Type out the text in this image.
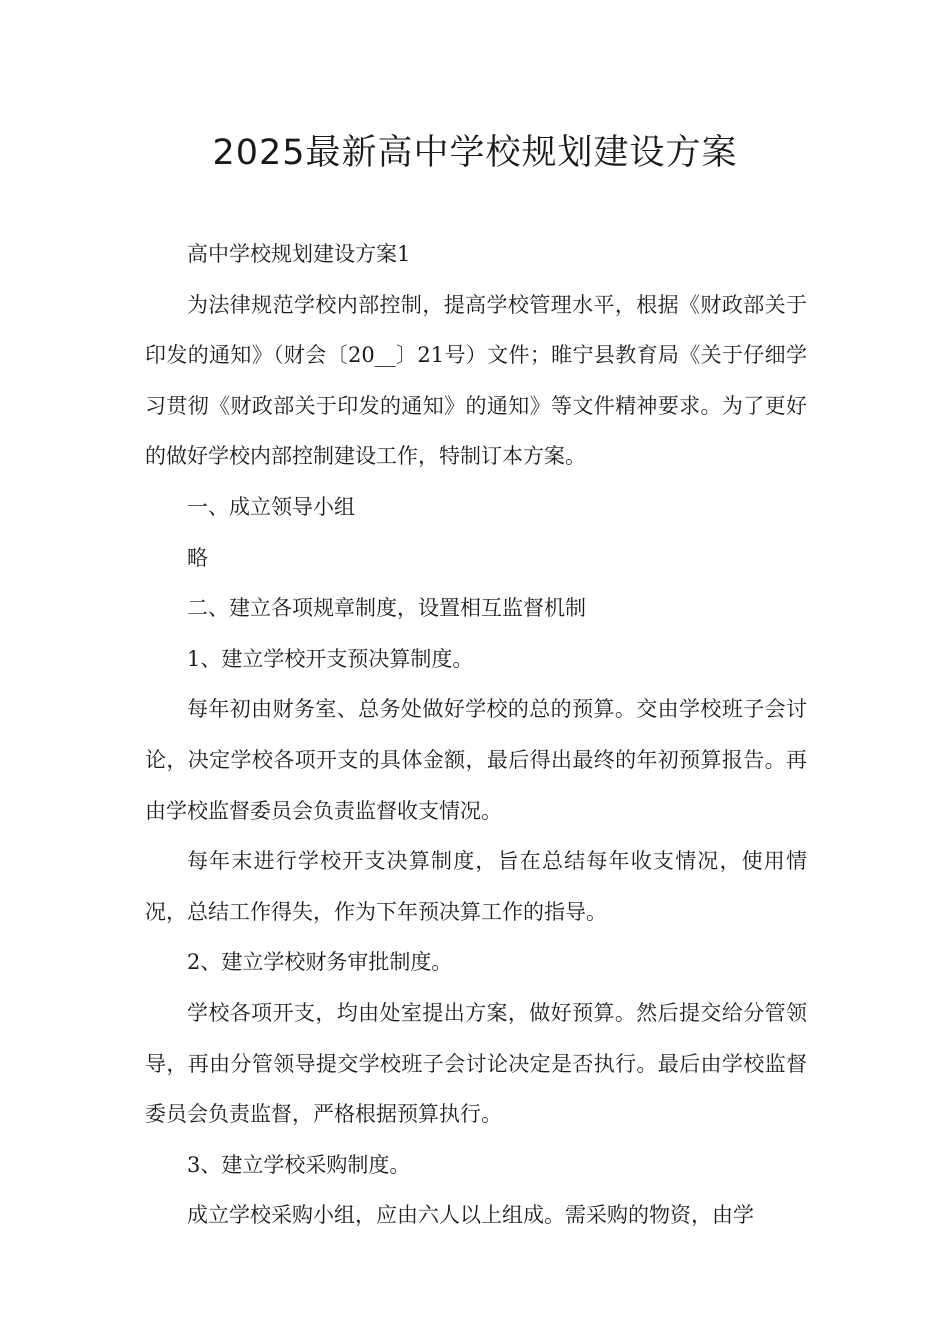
2025最新高中学校规划建设方案

高中学校规划建设方案1

为法律规范学校内部控制，提高学校管理水平，根据《财政部关于印发的通知》（财会〔20__〕21号）文件；睢宁县教育局《关于仔细学习贯彻《财政部关于印发的通知》的通知》等文件精神要求。为了更好的做好学校内部控制建设工作，特制订本方案。

一、成立领导小组

略

二、建立各项规章制度，设置相互监督机制

1、建立学校开支预决算制度。

每年初由财务室、总务处做好学校的总的预算。交由学校班子会讨论，决定学校各项开支的具体金额，最后得出最终的年初预算报告。再由学校监督委员会负责监督收支情况。

每年末进行学校开支决算制度，旨在总结每年收支情况，使用情况，总结工作得失，作为下年预决算工作的指导。

2、建立学校财务审批制度。

学校各项开支，均由处室提出方案，做好预算。然后提交给分管领导，再由分管领导提交学校班子会讨论决定是否执行。最后由学校监督委员会负责监督，严格根据预算执行。

3、建立学校采购制度。

成立学校采购小组，应由六人以上组成。需采购的物资，由学
